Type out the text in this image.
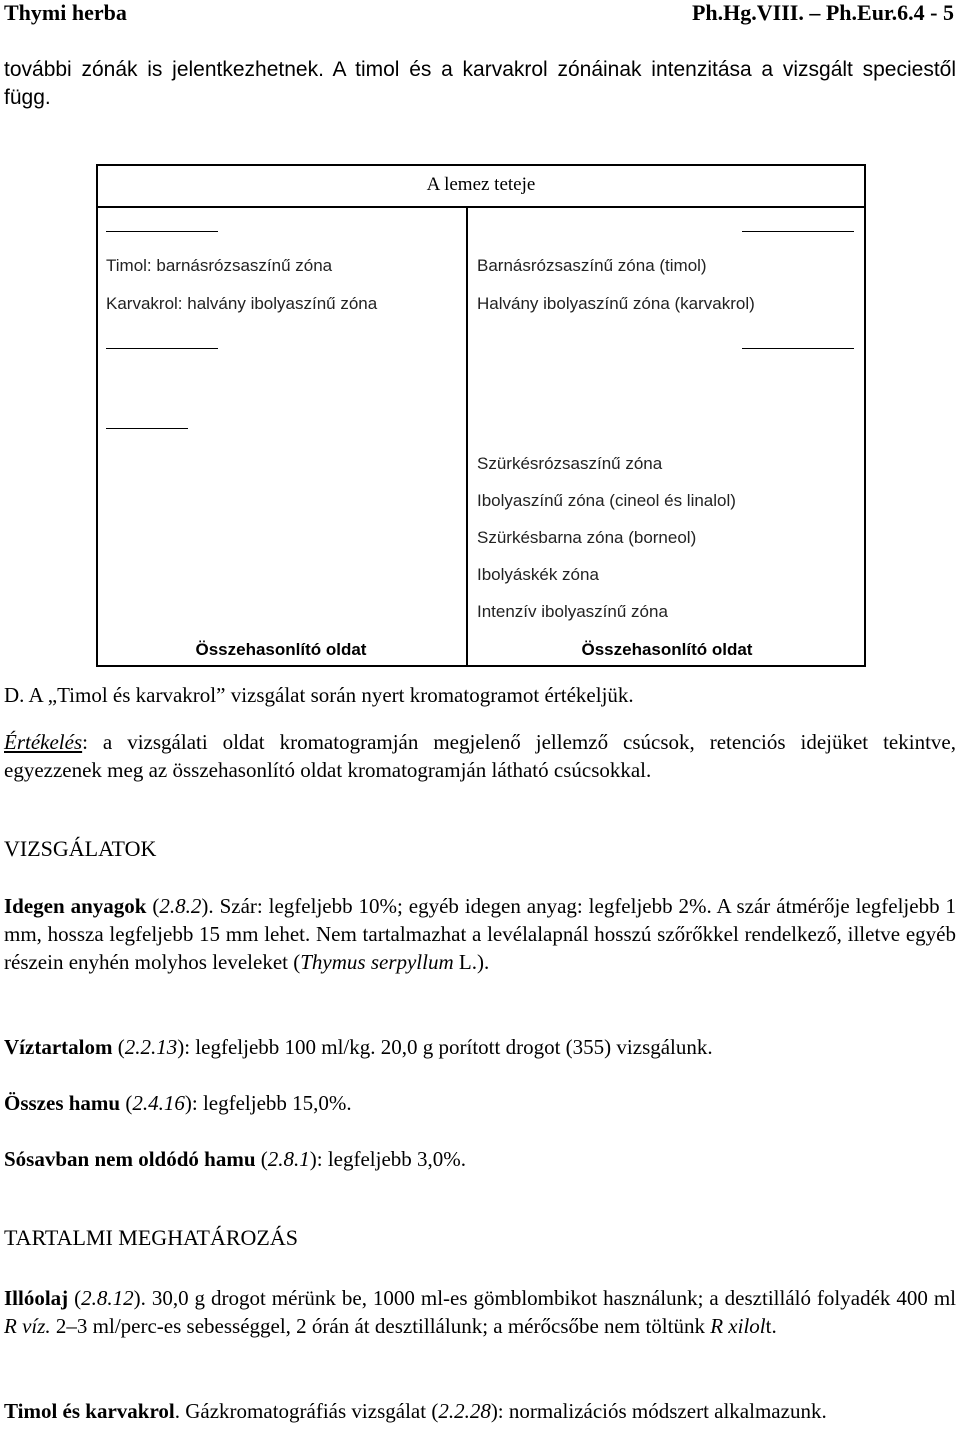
Thymi herba	Ph.Hg.VIII. – Ph.Eur.6.4 - 5
további zónák is jelentkezhetnek. A timol és a karvakrol zónáinak intenzitása a vizsgált speciestől függ.
A lemez teteje
Timol: barnásrózsaszínű zóna
Karvakrol: halvány ibolyaszínű zóna
Barnásrózsaszínű zóna (timol)
Halvány ibolyaszínű zóna (karvakrol)
Szürkésrózsaszínű zóna
Ibolyaszínű zóna (cineol és linalol)
Szürkésbarna zóna (borneol)
Ibolyáskék zóna
Intenzív ibolyaszínű zóna
Összehasonlító oldat	Összehasonlító oldat
D. A „Timol és karvakrol” vizsgálat során nyert kromatogramot értékeljük.
Értékelés: a vizsgálati oldat kromatogramján megjelenő jellemző csúcsok, retenciós idejüket tekintve, egyezzenek meg az összehasonlító oldat kromatogramján látható csúcsokkal.
VIZSGÁLATOK
Idegen anyagok (2.8.2). Szár: legfeljebb 10%; egyéb idegen anyag: legfeljebb 2%. A szár átmérője legfeljebb 1 mm, hossza legfeljebb 15 mm lehet. Nem tartalmazhat a levélalapnál hosszú szőrőkkel rendelkező, illetve egyéb részein enyhén molyhos leveleket (Thymus serpyllum L.).
Víztartalom (2.2.13): legfeljebb 100 ml/kg. 20,0 g porított drogot (355) vizsgálunk.
Összes hamu (2.4.16): legfeljebb 15,0%.
Sósavban nem oldódó hamu (2.8.1): legfeljebb 3,0%.
TARTALMI MEGHATÁROZÁS
Illóolaj (2.8.12). 30,0 g drogot mérünk be, 1000 ml-es gömblombikot használunk; a desztilláló folyadék 400 ml R víz. 2–3 ml/perc-es sebességgel, 2 órán át desztillálunk; a mérőcsőbe nem töltünk R xilolt.
Timol és karvakrol. Gázkromatográfiás vizsgálat (2.2.28): normalizációs módszert alkalmazunk.
